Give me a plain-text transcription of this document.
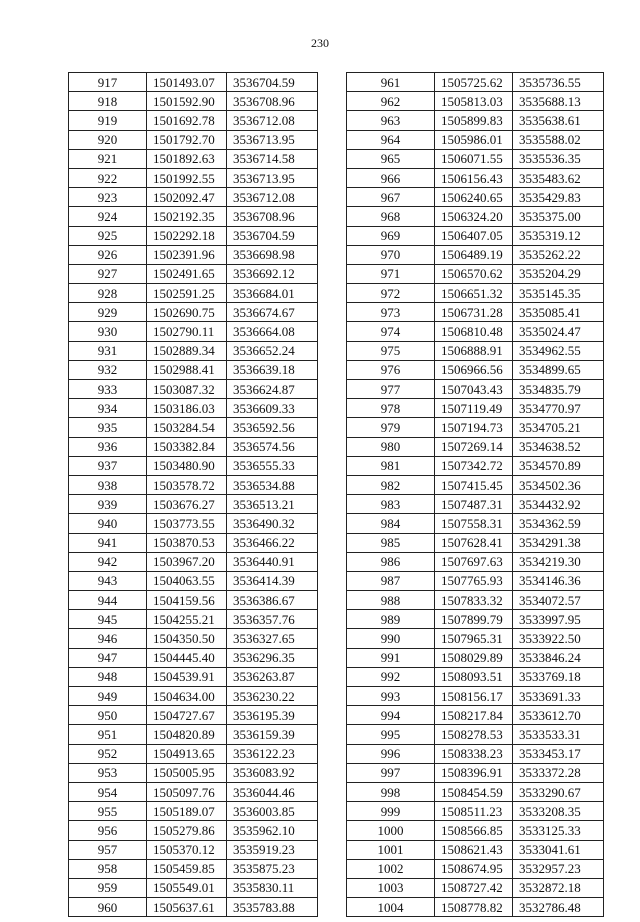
230
917	1501493.07	3536704.59
918	1501592.90	3536708.96
919	1501692.78	3536712.08
920	1501792.70	3536713.95
921	1501892.63	3536714.58
922	1501992.55	3536713.95
923	1502092.47	3536712.08
924	1502192.35	3536708.96
925	1502292.18	3536704.59
926	1502391.96	3536698.98
927	1502491.65	3536692.12
928	1502591.25	3536684.01
929	1502690.75	3536674.67
930	1502790.11	3536664.08
931	1502889.34	3536652.24
932	1502988.41	3536639.18
933	1503087.32	3536624.87
934	1503186.03	3536609.33
935	1503284.54	3536592.56
936	1503382.84	3536574.56
937	1503480.90	3536555.33
938	1503578.72	3536534.88
939	1503676.27	3536513.21
940	1503773.55	3536490.32
941	1503870.53	3536466.22
942	1503967.20	3536440.91
943	1504063.55	3536414.39
944	1504159.56	3536386.67
945	1504255.21	3536357.76
946	1504350.50	3536327.65
947	1504445.40	3536296.35
948	1504539.91	3536263.87
949	1504634.00	3536230.22
950	1504727.67	3536195.39
951	1504820.89	3536159.39
952	1504913.65	3536122.23
953	1505005.95	3536083.92
954	1505097.76	3536044.46
955	1505189.07	3536003.85
956	1505279.86	3535962.10
957	1505370.12	3535919.23
958	1505459.85	3535875.23
959	1505549.01	3535830.11
960	1505637.61	3535783.88
961	1505725.62	3535736.55
962	1505813.03	3535688.13
963	1505899.83	3535638.61
964	1505986.01	3535588.02
965	1506071.55	3535536.35
966	1506156.43	3535483.62
967	1506240.65	3535429.83
968	1506324.20	3535375.00
969	1506407.05	3535319.12
970	1506489.19	3535262.22
971	1506570.62	3535204.29
972	1506651.32	3535145.35
973	1506731.28	3535085.41
974	1506810.48	3535024.47
975	1506888.91	3534962.55
976	1506966.56	3534899.65
977	1507043.43	3534835.79
978	1507119.49	3534770.97
979	1507194.73	3534705.21
980	1507269.14	3534638.52
981	1507342.72	3534570.89
982	1507415.45	3534502.36
983	1507487.31	3534432.92
984	1507558.31	3534362.59
985	1507628.41	3534291.38
986	1507697.63	3534219.30
987	1507765.93	3534146.36
988	1507833.32	3534072.57
989	1507899.79	3533997.95
990	1507965.31	3533922.50
991	1508029.89	3533846.24
992	1508093.51	3533769.18
993	1508156.17	3533691.33
994	1508217.84	3533612.70
995	1508278.53	3533533.31
996	1508338.23	3533453.17
997	1508396.91	3533372.28
998	1508454.59	3533290.67
999	1508511.23	3533208.35
1000	1508566.85	3533125.33
1001	1508621.43	3533041.61
1002	1508674.95	3532957.23
1003	1508727.42	3532872.18
1004	1508778.82	3532786.48
